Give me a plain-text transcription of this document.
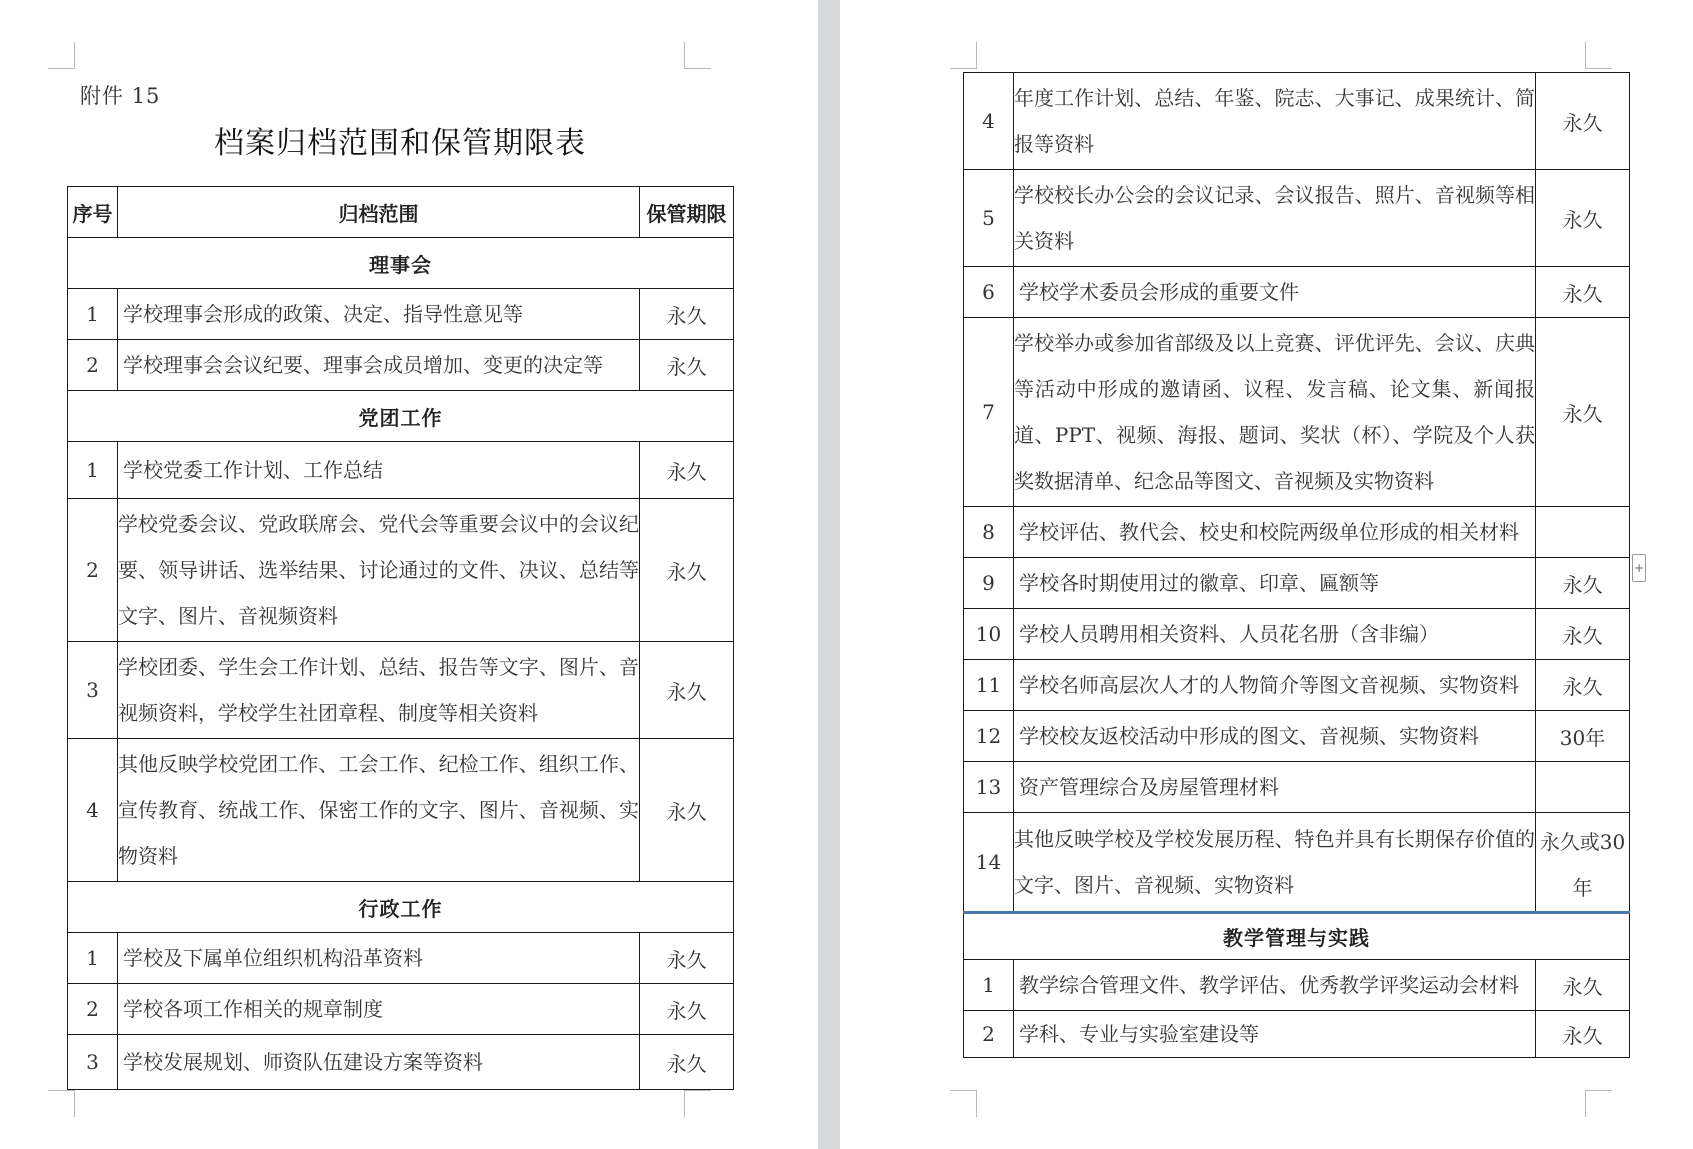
附件 15
档案归档范围和保管期限表
序号	归档范围	保管期限
理事会		
1	学校理事会形成的政策、决定、指导性意见等	永久
2	学校理事会会议纪要、理事会成员增加、变更的决定等	永久
党团工作		
1	学校党委工作计划、工作总结	永久
2	学校党委会议、党政联席会、党代会等重要会议中的会议纪要、领导讲话、选举结果、讨论通过的文件、决议、总结等文字、图片、音视频资料	永久
3	学校团委、学生会工作计划、总结、报告等文字、图片、音视频资料，学校学生社团章程、制度等相关资料	永久
4	其他反映学校党团工作、工会工作、纪检工作、组织工作、宣传教育、统战工作、保密工作的文字、图片、音视频、实物资料	永久
行政工作		
1	学校及下属单位组织机构沿革资料	永久
2	学校各项工作相关的规章制度	永久
3	学校发展规划、师资队伍建设方案等资料	永久
4	年度工作计划、总结、年鉴、院志、大事记、成果统计、简报等资料	永久
5	学校校长办公会的会议记录、会议报告、照片、音视频等相关资料	永久
6	学校学术委员会形成的重要文件	永久
7	学校举办或参加省部级及以上竞赛、评优评先、会议、庆典等活动中形成的邀请函、议程、发言稿、论文集、新闻报道、PPT、视频、海报、题词、奖状（杯）、学院及个人获奖数据清单、纪念品等图文、音视频及实物资料	永久
8	学校评估、教代会、校史和校院两级单位形成的相关材料	
9	学校各时期使用过的徽章、印章、匾额等	永久
10	学校人员聘用相关资料、人员花名册（含非编）	永久
11	学校名师高层次人才的人物简介等图文音视频、实物资料	永久
12	学校校友返校活动中形成的图文、音视频、实物资料	30年
13	资产管理综合及房屋管理材料	
14	其他反映学校及学校发展历程、特色并具有长期保存价值的文字、图片、音视频、实物资料	永久或30年
教学管理与实践		
1	教学综合管理文件、教学评估、优秀教学评奖运动会材料	永久
2	学科、专业与实验室建设等	永久
+
